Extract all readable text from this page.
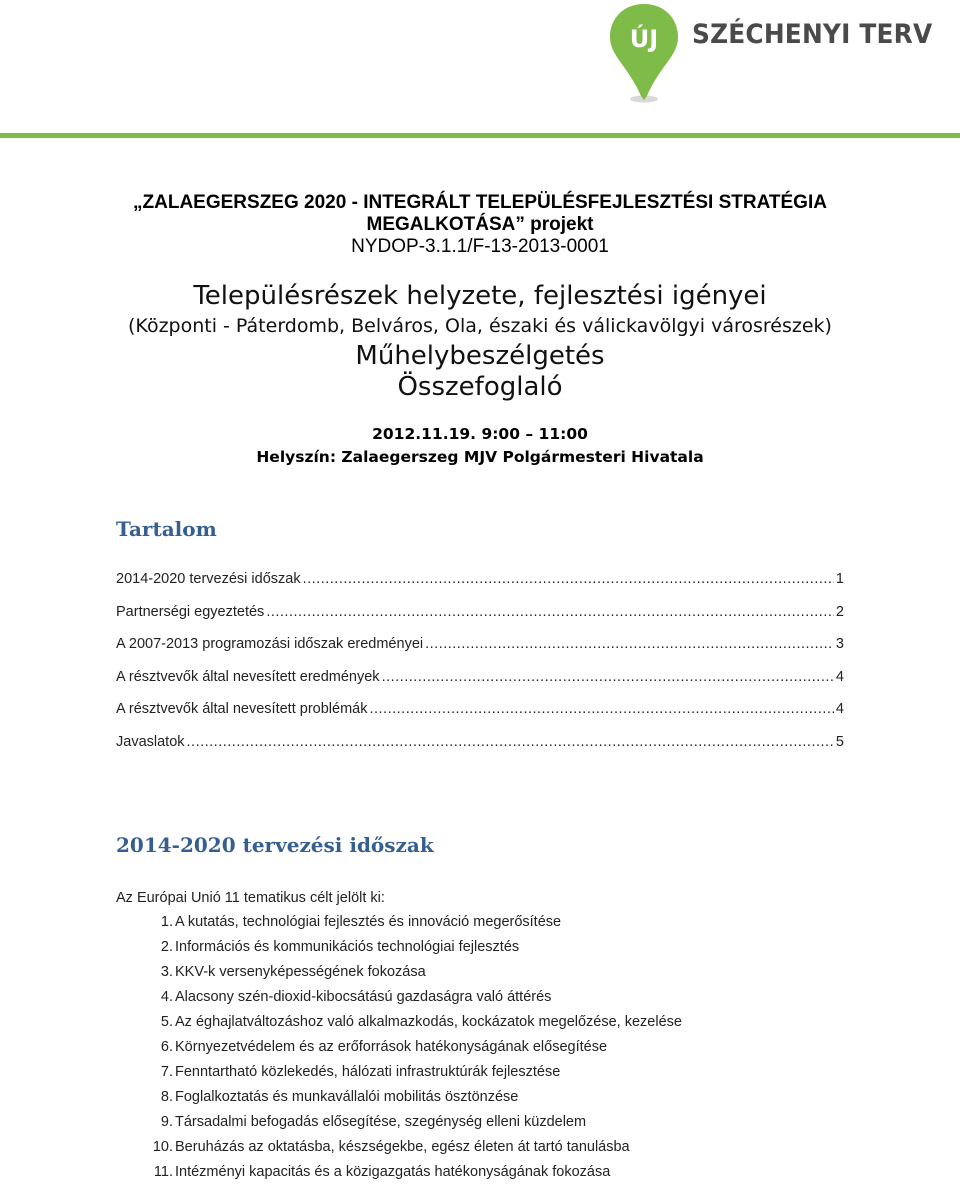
ÚJ SZÉCHENYI TERV
„ZALAEGERSZEG 2020 - INTEGRÁLT TELEPÜLÉSFEJLESZTÉSI STRATÉGIA MEGALKOTÁSA” projekt
NYDOP-3.1.1/F-13-2013-0001
Településrészek helyzete, fejlesztési igényei
(Központi - Páterdomb, Belváros, Ola, északi és válickavölgyi városrészek)
Műhelybeszélgetés
Összefoglaló
2012.11.19. 9:00 – 11:00
Helyszín: Zalaegerszeg MJV Polgármesteri Hivatala
Tartalom
2014-2020 tervezési időszak .....	1
Partnerségi egyeztetés .....	2
A 2007-2013 programozási időszak eredményei .....	3
A résztvevők által nevesített eredmények .....	4
A résztvevők által nevesített problémák .....	4
Javaslatok .....	5
2014-2020 tervezési időszak
Az Európai Unió 11 tematikus célt jelölt ki:
1. A kutatás, technológiai fejlesztés és innováció megerősítése
2. Információs és kommunikációs technológiai fejlesztés
3. KKV-k versenyképességének fokozása
4. Alacsony szén-dioxid-kibocsátású gazdaságra való áttérés
5. Az éghajlatváltozáshoz való alkalmazkodás, kockázatok megelőzése, kezelése
6. Környezetvédelem és az erőforrások hatékonyságának elősegítése
7. Fenntartható közlekedés, hálózati infrastruktúrák fejlesztése
8. Foglalkoztatás és munkavállalói mobilitás ösztönzése
9. Társadalmi befogadás elősegítése, szegénység elleni küzdelem
10. Beruházás az oktatásba, készségekbe, egész életen át tartó tanulásba
11. Intézményi kapacitás és a közigazgatás hatékonyságának fokozása
